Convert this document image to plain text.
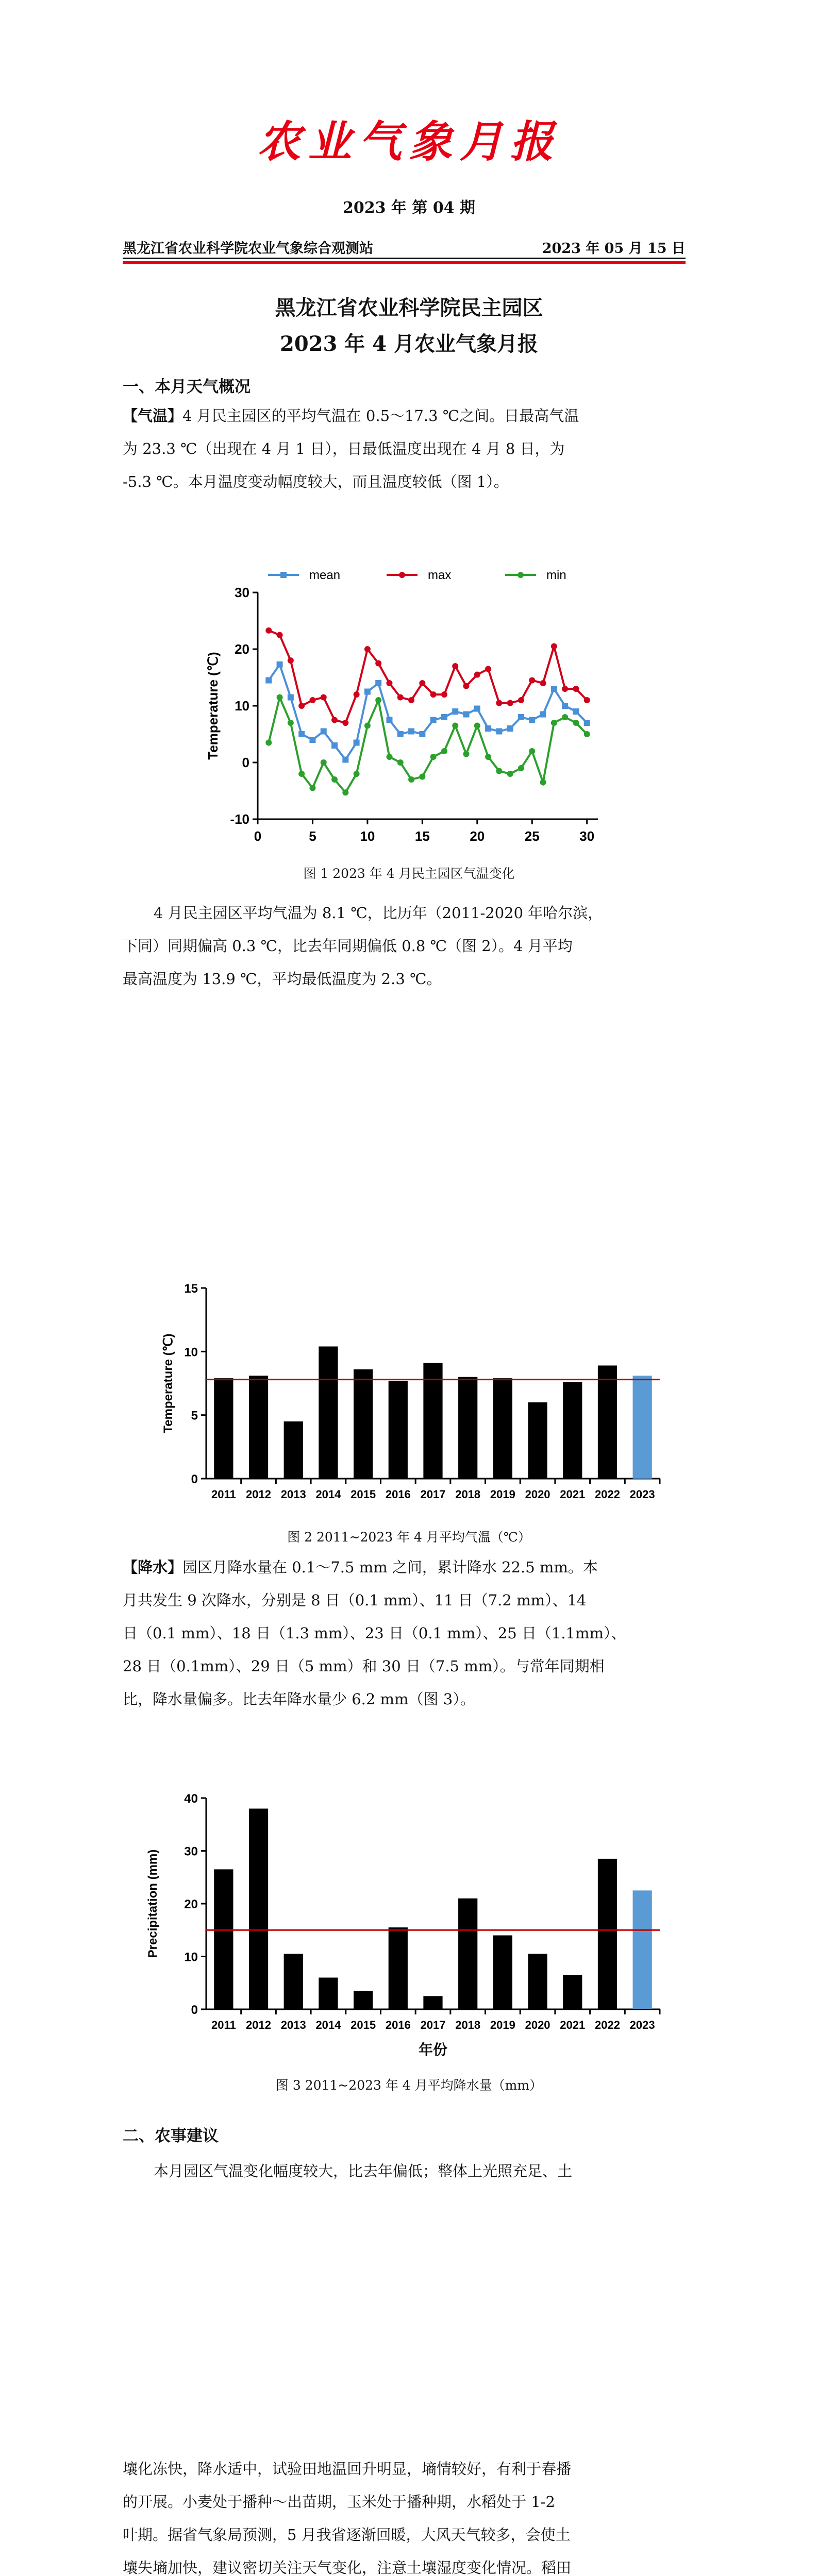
农业气象月报
2023 年 第 04 期
黑龙江省农业科学院农业气象综合观测站	2023 年 05 月 15 日
黑龙江省农业科学院民主园区
2023 年 4 月农业气象月报
一、本月天气概况
【气温】4 月民主园区的平均气温在 0.5～17.3 ℃之间。日最高气温
为 23.3 ℃（出现在 4 月 1 日），日最低温度出现在 4 月 8 日，为
-5.3 ℃。本月温度变动幅度较大，而且温度较低（图 1）。
-10
0
10
20
30
0	5	10	15	20	25	30
Temperature (℃)
mean	max	min
图 1 2023 年 4 月民主园区气温变化
4 月民主园区平均气温为 8.1 ℃，比历年（2011-2020 年哈尔滨，
下同）同期偏高 0.3 ℃，比去年同期偏低 0.8 ℃（图 2）。4 月平均
最高温度为 13.9 ℃，平均最低温度为 2.3 ℃。
0
5
10
15
2011 2012 2013 2014 2015 2016 2017 2018 2019 2020 2021 2022 2023
Temperature (℃)
图 2 2011~2023 年 4 月平均气温（℃）
【降水】园区月降水量在 0.1～7.5 mm 之间，累计降水 22.5 mm。本
月共发生 9 次降水，分别是 8 日（0.1 mm）、11 日（7.2 mm）、14
日（0.1 mm）、18 日（1.3 mm）、23 日（0.1 mm）、25 日（1.1mm）、
28 日（0.1mm）、29 日（5 mm）和 30 日（7.5 mm）。与常年同期相
比，降水量偏多。比去年降水量少 6.2 mm（图 3）。
0
10
20
30
40
2011 2012 2013 2014 2015 2016 2017 2018 2019 2020 2021 2022 2023
Precipitation (mm)
年份
图 3 2011~2023 年 4 月平均降水量（mm）
二、农事建议
本月园区气温变化幅度较大，比去年偏低；整体上光照充足、土
壤化冻快，降水适中，试验田地温回升明显，墒情较好，有利于春播
的开展。小麦处于播种～出苗期，玉米处于播种期，水稻处于 1-2
叶期。据省气象局预测，5 月我省逐渐回暖，大风天气较多，会使土
壤失墒加快，建议密切关注天气变化，注意土壤湿度变化情况。稻田
